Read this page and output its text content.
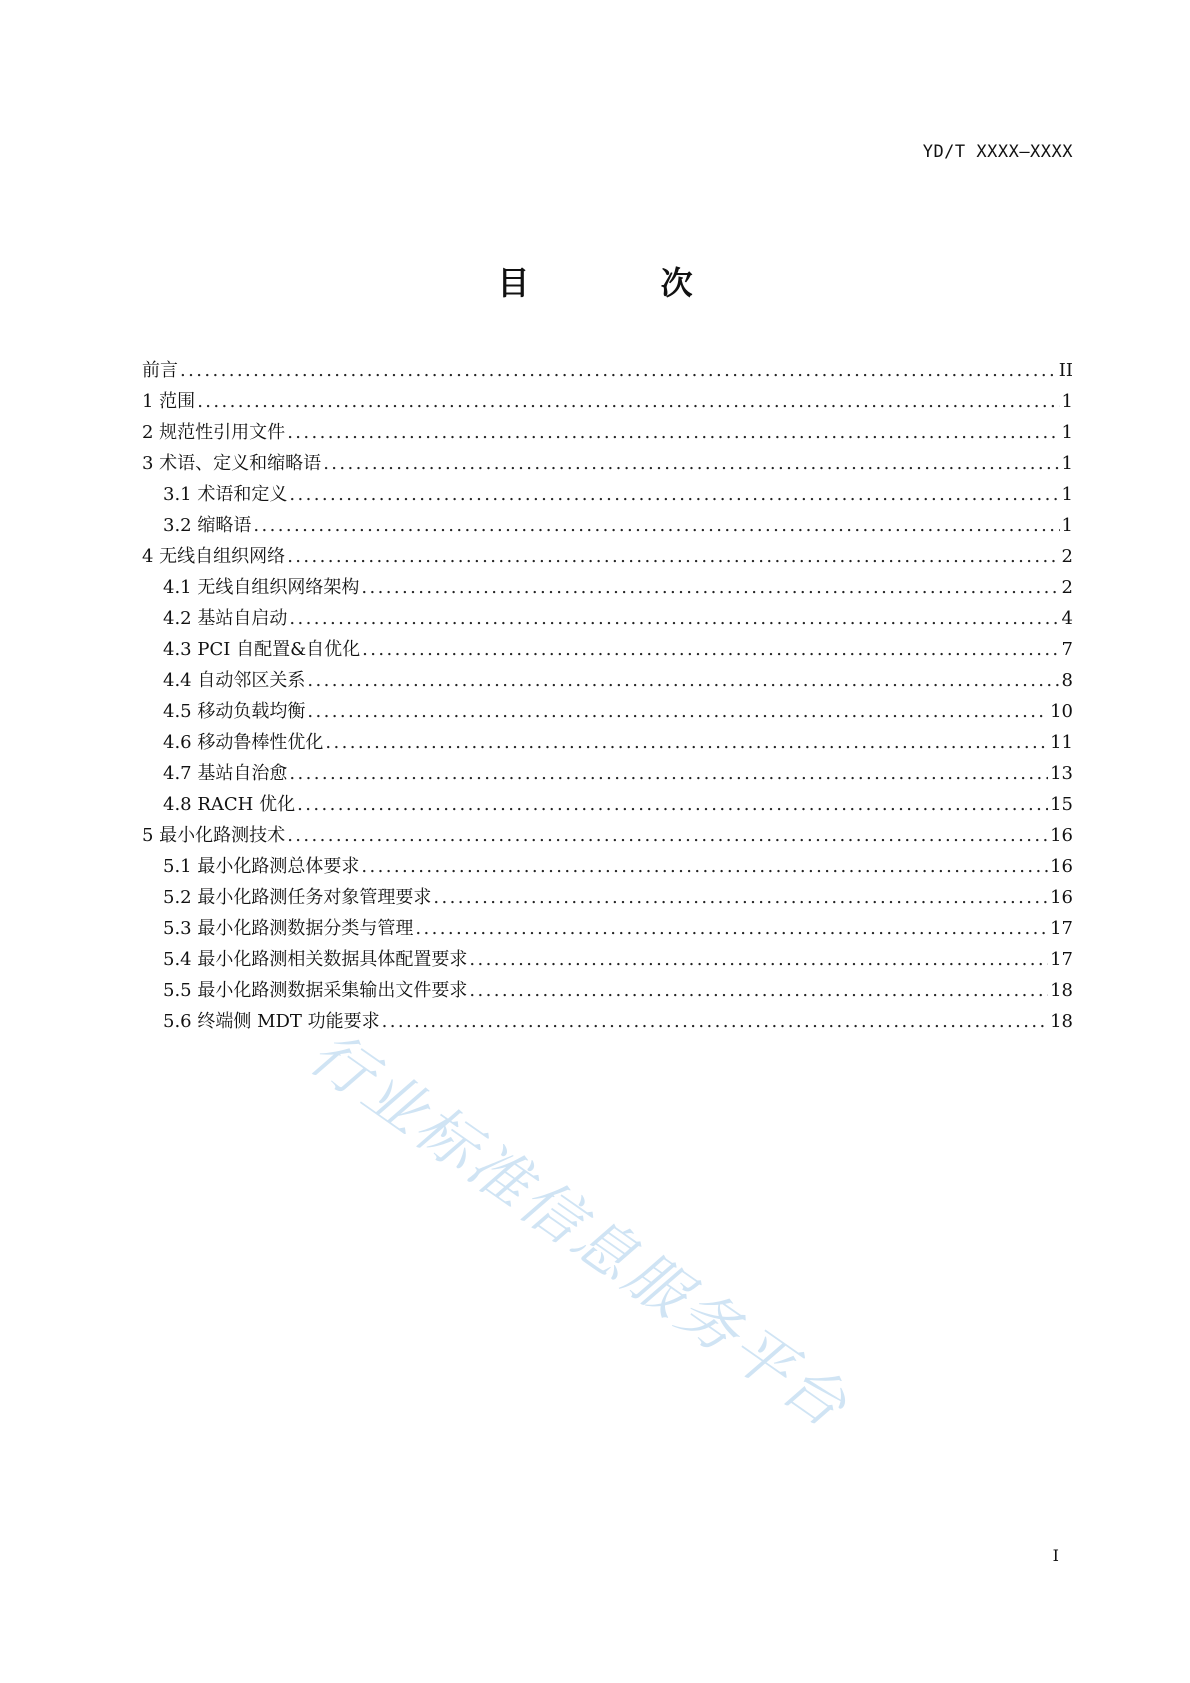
YD/T XXXX—XXXX
目 次
前言 .....	II
1 范围 .....	1
2 规范性引用文件 .....	1
3 术语、定义和缩略语 .....	1
3.1 术语和定义 .....	1
3.2 缩略语 .....	1
4 无线自组织网络 .....	2
4.1 无线自组织网络架构 .....	2
4.2 基站自启动 .....	4
4.3 PCI 自配置&自优化 .....	7
4.4 自动邻区关系 .....	8
4.5 移动负载均衡 .....	10
4.6 移动鲁棒性优化 .....	11
4.7 基站自治愈 .....	13
4.8 RACH 优化 .....	15
5 最小化路测技术 .....	16
5.1 最小化路测总体要求 .....	16
5.2 最小化路测任务对象管理要求 .....	16
5.3 最小化路测数据分类与管理 .....	17
5.4 最小化路测相关数据具体配置要求 .....	17
5.5 最小化路测数据采集输出文件要求 .....	18
5.6 终端侧 MDT 功能要求 .....	18
行业标准信息服务平台
I
